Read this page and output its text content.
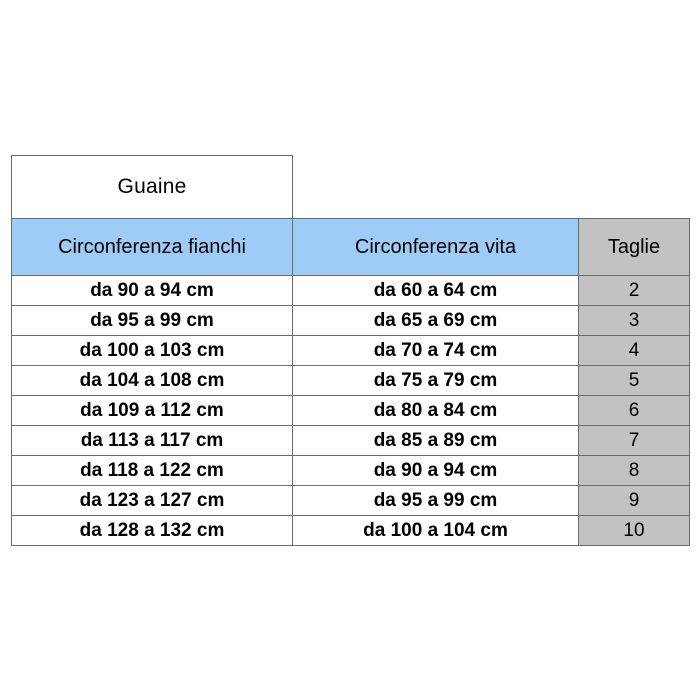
Guaine		
Circonferenza fianchi	Circonferenza vita	Taglie
da 90 a 94 cm	da 60 a 64 cm	2
da 95 a 99 cm	da 65 a 69 cm	3
da 100 a 103 cm	da 70 a 74 cm	4
da 104 a 108 cm	da 75 a 79 cm	5
da 109 a 112 cm	da 80 a 84 cm	6
da 113 a 117 cm	da 85 a 89 cm	7
da 118 a 122 cm	da 90 a 94 cm	8
da 123 a 127 cm	da 95 a 99 cm	9
da 128 a 132 cm	da 100 a 104 cm	10
